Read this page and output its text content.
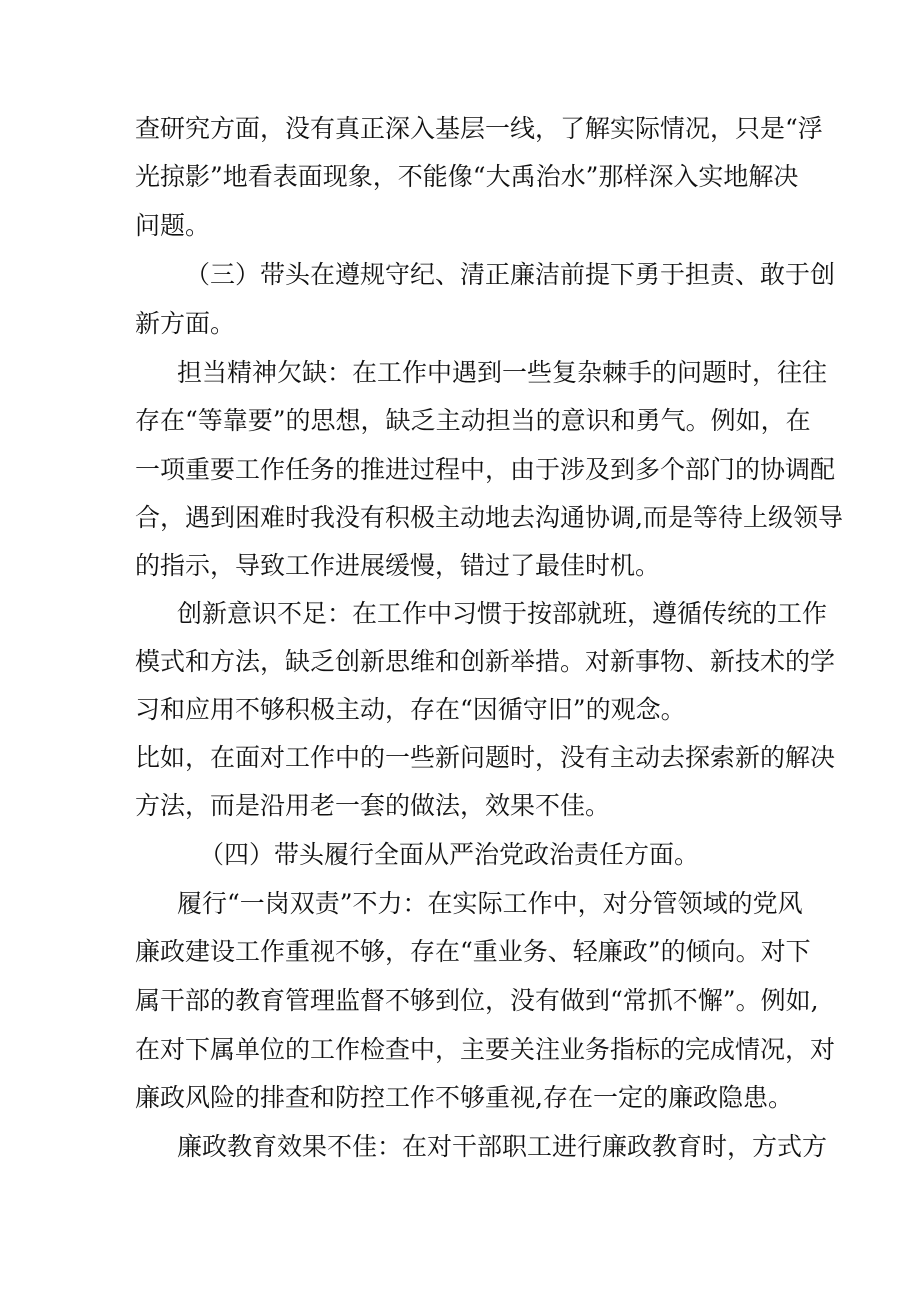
查研究方面，没有真正深入基层一线，了解实际情况，只是“浮
光掠影”地看表面现象，不能像“大禹治水”那样深入实地解决
问题。
（三）带头在遵规守纪、清正廉洁前提下勇于担责、敢于创
新方面。
担当精神欠缺：在工作中遇到一些复杂棘手的问题时，往往
存在“等靠要”的思想，缺乏主动担当的意识和勇气。例如，在
一项重要工作任务的推进过程中，由于涉及到多个部门的协调配
合，遇到困难时我没有积极主动地去沟通协调,而是等待上级领导
的指示，导致工作进展缓慢，错过了最佳时机。
创新意识不足：在工作中习惯于按部就班，遵循传统的工作
模式和方法，缺乏创新思维和创新举措。对新事物、新技术的学
习和应用不够积极主动，存在“因循守旧”的观念。
比如，在面对工作中的一些新问题时，没有主动去探索新的解决
方法，而是沿用老一套的做法，效果不佳。
（四）带头履行全面从严治党政治责任方面。
履行“一岗双责”不力：在实际工作中，对分管领域的党风
廉政建设工作重视不够，存在“重业务、轻廉政”的倾向。对下
属干部的教育管理监督不够到位，没有做到“常抓不懈”。例如,
在对下属单位的工作检查中，主要关注业务指标的完成情况，对
廉政风险的排查和防控工作不够重视,存在一定的廉政隐患。
廉政教育效果不佳：在对干部职工进行廉政教育时，方式方
